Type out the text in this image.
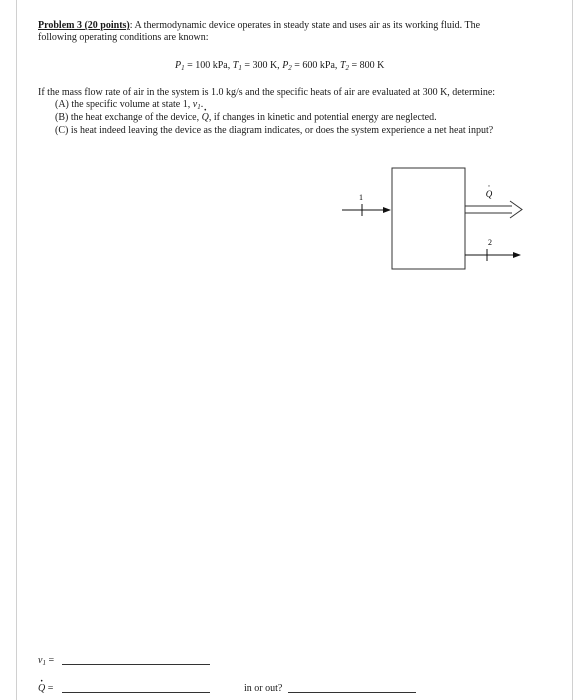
Problem 3 (20 points): A thermodynamic device operates in steady state and uses air as its working fluid. The
following operating conditions are known:
$P_1 = 100$ kPa, $T_1 = 300$ K, $P_2 = 600$ kPa, $T_2 = 800$ K
If the mass flow rate of air in the system is 1.0 kg/s and the specific heats of air are evaluated at 300 K, determine:
(A) the specific volume at state 1, $v_1$.
(B) the heat exchange of the device, Q ·, if changes in kinetic and potential energy are neglected.
(C) is heat indeed leaving the device as the diagram indicates, or does the system experience a net heat input?
1	Q
·
2
$v_1$ =
Q · =	in or out?
